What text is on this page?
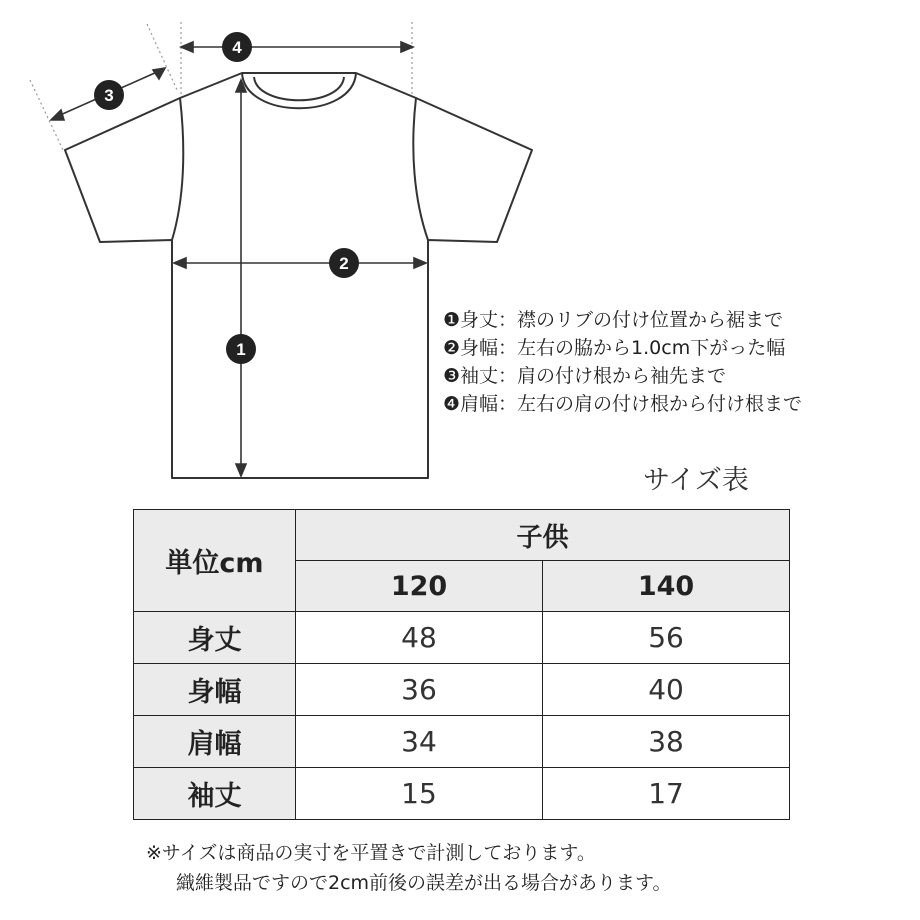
4
3
2
1
❶身丈：襟のリブの付け位置から裾まで
❷身幅：左右の脇から1.0cm下がった幅
❸袖丈：肩の付け根から袖先まで
❹肩幅：左右の肩の付け根から付け根まで
サイズ表
単位cm	子供	
	120	140
身丈	48	56
身幅	36	40
肩幅	34	38
袖丈	15	17
※サイズは商品の実寸を平置きで計測しております。
織維製品ですので2cm前後の誤差が出る場合があります。
